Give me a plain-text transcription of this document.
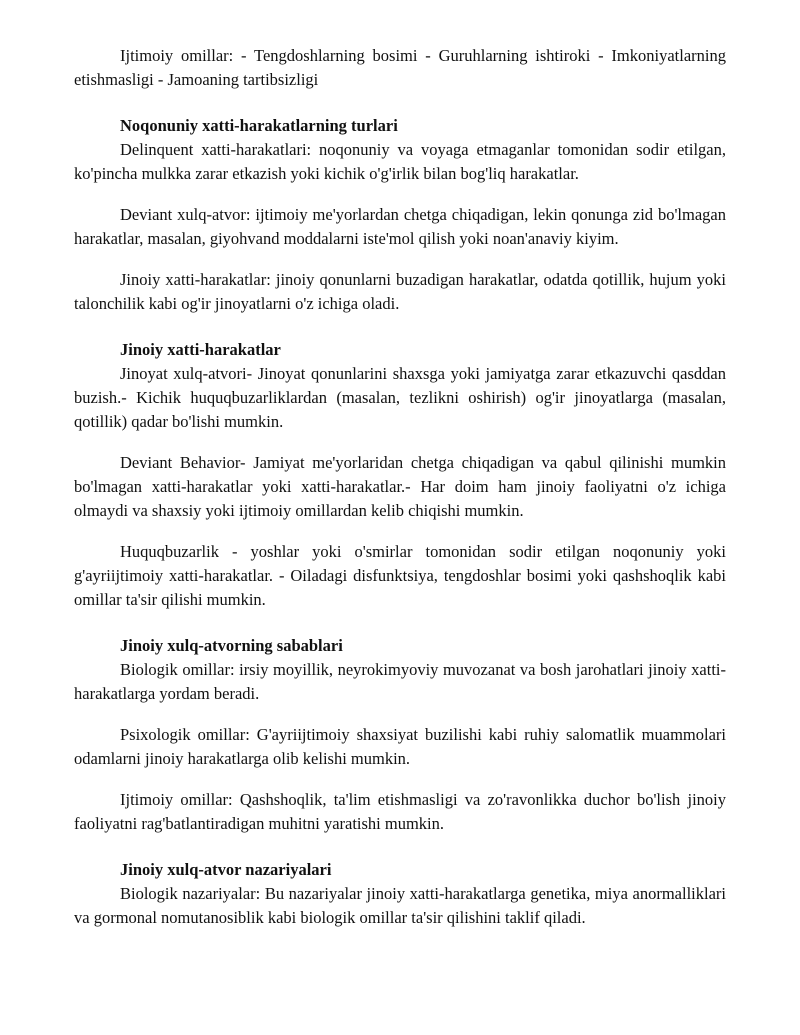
Ijtimoiy omillar: - Tengdoshlarning bosimi - Guruhlarning ishtiroki - Imkoniyatlarning etishmasligi - Jamoaning tartibsizligi

Noqonuniy xatti-harakatlarning turlari

Delinquent xatti-harakatlari: noqonuniy va voyaga etmaganlar tomonidan sodir etilgan, ko'pincha mulkka zarar etkazish yoki kichik o'g'irlik bilan bog'liq harakatlar.

Deviant xulq-atvor: ijtimoiy me'yorlardan chetga chiqadigan, lekin qonunga zid bo'lmagan harakatlar, masalan, giyohvand moddalarni iste'mol qilish yoki noan'anaviy kiyim.

Jinoiy xatti-harakatlar: jinoiy qonunlarni buzadigan harakatlar, odatda qotillik, hujum yoki talonchilik kabi og'ir jinoyatlarni o'z ichiga oladi.

Jinoiy xatti-harakatlar

Jinoyat xulq-atvori- Jinoyat qonunlarini shaxsga yoki jamiyatga zarar etkazuvchi qasddan buzish.- Kichik huquqbuzarliklardan (masalan, tezlikni oshirish) og'ir jinoyatlarga (masalan, qotillik) qadar bo'lishi mumkin.

Deviant Behavior- Jamiyat me'yorlaridan chetga chiqadigan va qabul qilinishi mumkin bo'lmagan xatti-harakatlar yoki xatti-harakatlar.- Har doim ham jinoiy faoliyatni o'z ichiga olmaydi va shaxsiy yoki ijtimoiy omillardan kelib chiqishi mumkin.

Huquqbuzarlik - yoshlar yoki o'smirlar tomonidan sodir etilgan noqonuniy yoki g'ayriijtimoiy xatti-harakatlar. - Oiladagi disfunktsiya, tengdoshlar bosimi yoki qashshoqlik kabi omillar ta'sir qilishi mumkin.

Jinoiy xulq-atvorning sabablari

Biologik omillar: irsiy moyillik, neyrokimyoviy muvozanat va bosh jarohatlari jinoiy xatti-harakatlarga yordam beradi.

Psixologik omillar: G'ayriijtimoiy shaxsiyat buzilishi kabi ruhiy salomatlik muammolari odamlarni jinoiy harakatlarga olib kelishi mumkin.

Ijtimoiy omillar: Qashshoqlik, ta'lim etishmasligi va zo'ravonlikka duchor bo'lish jinoiy faoliyatni rag'batlantiradigan muhitni yaratishi mumkin.

Jinoiy xulq-atvor nazariyalari

Biologik nazariyalar: Bu nazariyalar jinoiy xatti-harakatlarga genetika, miya anormalliklari va gormonal nomutanosiblik kabi biologik omillar ta'sir qilishini taklif qiladi.
